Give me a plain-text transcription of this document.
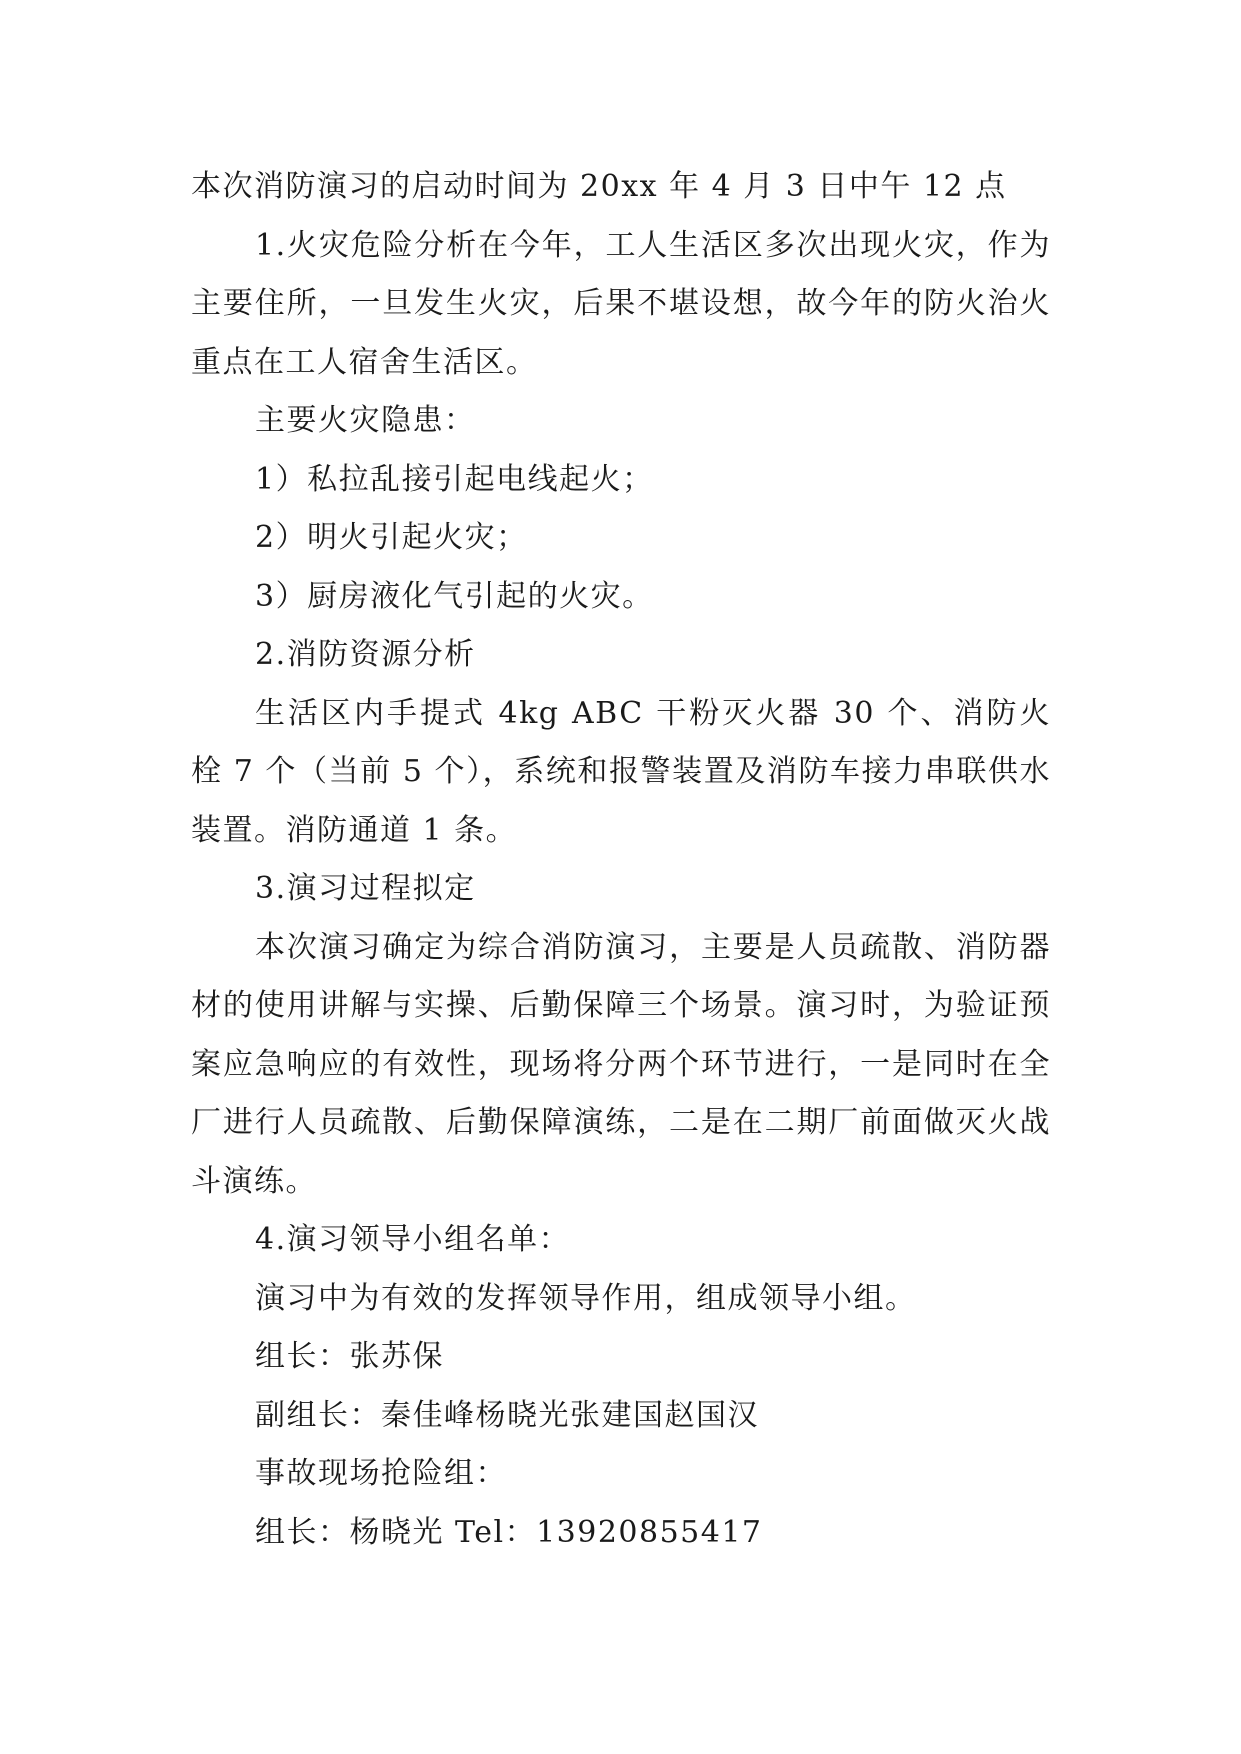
本次消防演习的启动时间为 20xx 年 4 月 3 日中午 12 点

1.火灾危险分析在今年，工人生活区多次出现火灾，作为主要住所，一旦发生火灾，后果不堪设想，故今年的防火治火重点在工人宿舍生活区。

主要火灾隐患：

1）私拉乱接引起电线起火；

2）明火引起火灾；

3）厨房液化气引起的火灾。

2.消防资源分析

生活区内手提式 4kg ABC 干粉灭火器 30 个、消防火栓 7 个（当前 5 个），系统和报警装置及消防车接力串联供水装置。消防通道 1 条。

3.演习过程拟定

本次演习确定为综合消防演习，主要是人员疏散、消防器材的使用讲解与实操、后勤保障三个场景。演习时，为验证预案应急响应的有效性，现场将分两个环节进行，一是同时在全厂进行人员疏散、后勤保障演练，二是在二期厂前面做灭火战斗演练。

4.演习领导小组名单：

演习中为有效的发挥领导作用，组成领导小组。

组长：张苏保

副组长：秦佳峰杨晓光张建国赵国汉

事故现场抢险组：

组长：杨晓光 Tel：13920855417
